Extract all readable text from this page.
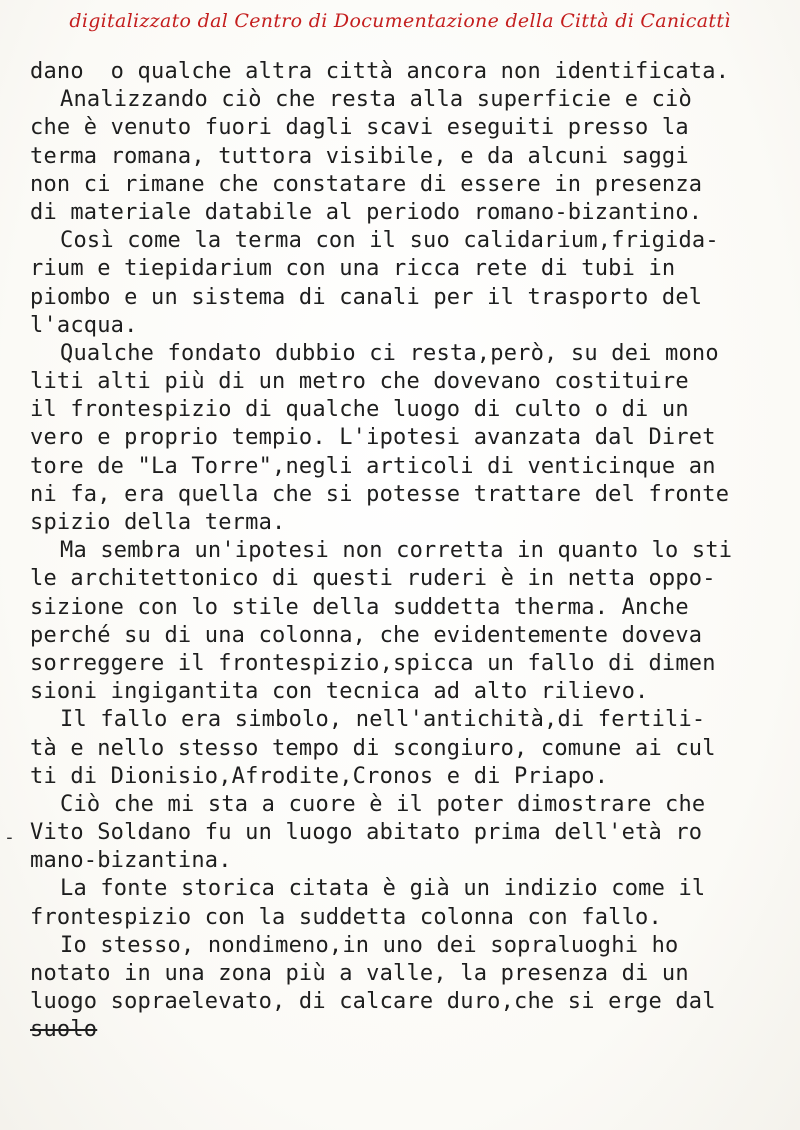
digitalizzato dal Centro di Documentazione della Città di Canicattì
dano  o qualche altra città ancora non identificata.
Analizzando ciò che resta alla superficie e ciò
che è venuto fuori dagli scavi eseguiti presso la
terma romana, tuttora visibile, e da alcuni saggi
non ci rimane che constatare di essere in presenza
di materiale databile al periodo romano-bizantino.
Così come la terma con il suo calidarium,frigida-
rium e tiepidarium con una ricca rete di tubi in
piombo e un sistema di canali per il trasporto del
l'acqua.
Qualche fondato dubbio ci resta,però, su dei mono
liti alti più di un metro che dovevano costituire
il frontespizio di qualche luogo di culto o di un
vero e proprio tempio. L'ipotesi avanzata dal Diret
tore de "La Torre",negli articoli di venticinque an
ni fa, era quella che si potesse trattare del fronte
spizio della terma.
Ma sembra un'ipotesi non corretta in quanto lo sti
le architettonico di questi ruderi è in netta oppo-
sizione con lo stile della suddetta therma. Anche
perché su di una colonna, che evidentemente doveva
sorreggere il frontespizio,spicca un fallo di dimen
sioni ingigantita con tecnica ad alto rilievo.
Il fallo era simbolo, nell'antichità,di fertili-
tà e nello stesso tempo di scongiuro, comune ai cul
ti di Dionisio,Afrodite,Cronos e di Priapo.
Ciò che mi sta a cuore è il poter dimostrare che
Vito Soldano fu un luogo abitato prima dell'età ro
mano-bizantina.
La fonte storica citata è già un indizio come il
frontespizio con la suddetta colonna con fallo.
Io stesso, nondimeno,in uno dei sopraluoghi ho
notato in una zona più a valle, la presenza di un
luogo sopraelevato, di calcare duro,che si erge dal
suolo
-
